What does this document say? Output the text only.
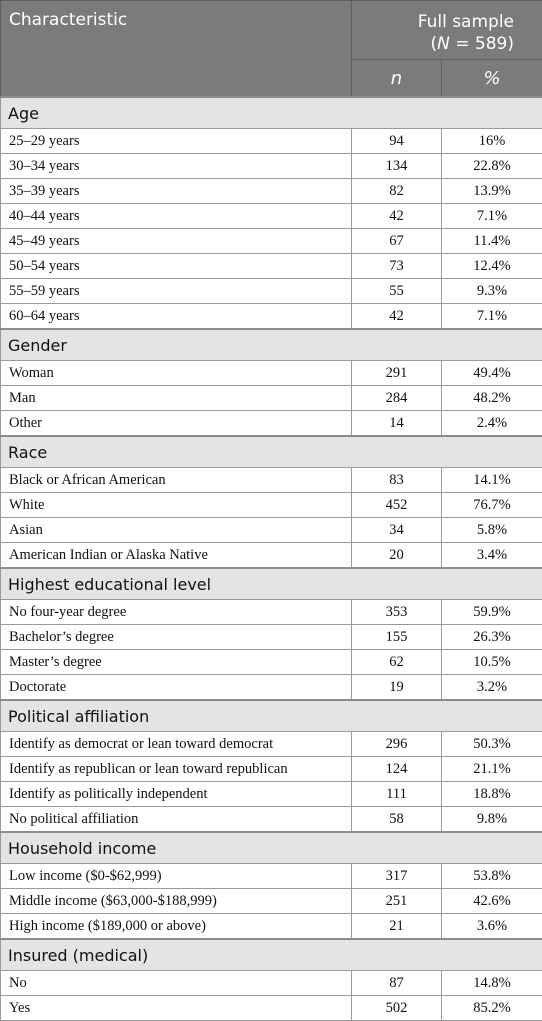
Characteristic	Full sample
(N = 589)	
	n	%
Age		
25–29 years	94	16%
30–34 years	134	22.8%
35–39 years	82	13.9%
40–44 years	42	7.1%
45–49 years	67	11.4%
50–54 years	73	12.4%
55–59 years	55	9.3%
60–64 years	42	7.1%
Gender		
Woman	291	49.4%
Man	284	48.2%
Other	14	2.4%
Race		
Black or African American	83	14.1%
White	452	76.7%
Asian	34	5.8%
American Indian or Alaska Native	20	3.4%
Highest educational level		
No four-year degree	353	59.9%
Bachelor’s degree	155	26.3%
Master’s degree	62	10.5%
Doctorate	19	3.2%
Political affiliation		
Identify as democrat or lean toward democrat	296	50.3%
Identify as republican or lean toward republican	124	21.1%
Identify as politically independent	111	18.8%
No political affiliation	58	9.8%
Household income		
Low income ($0-$62,999)	317	53.8%
Middle income ($63,000-$188,999)	251	42.6%
High income ($189,000 or above)	21	3.6%
Insured (medical)		
No	87	14.8%
Yes	502	85.2%
